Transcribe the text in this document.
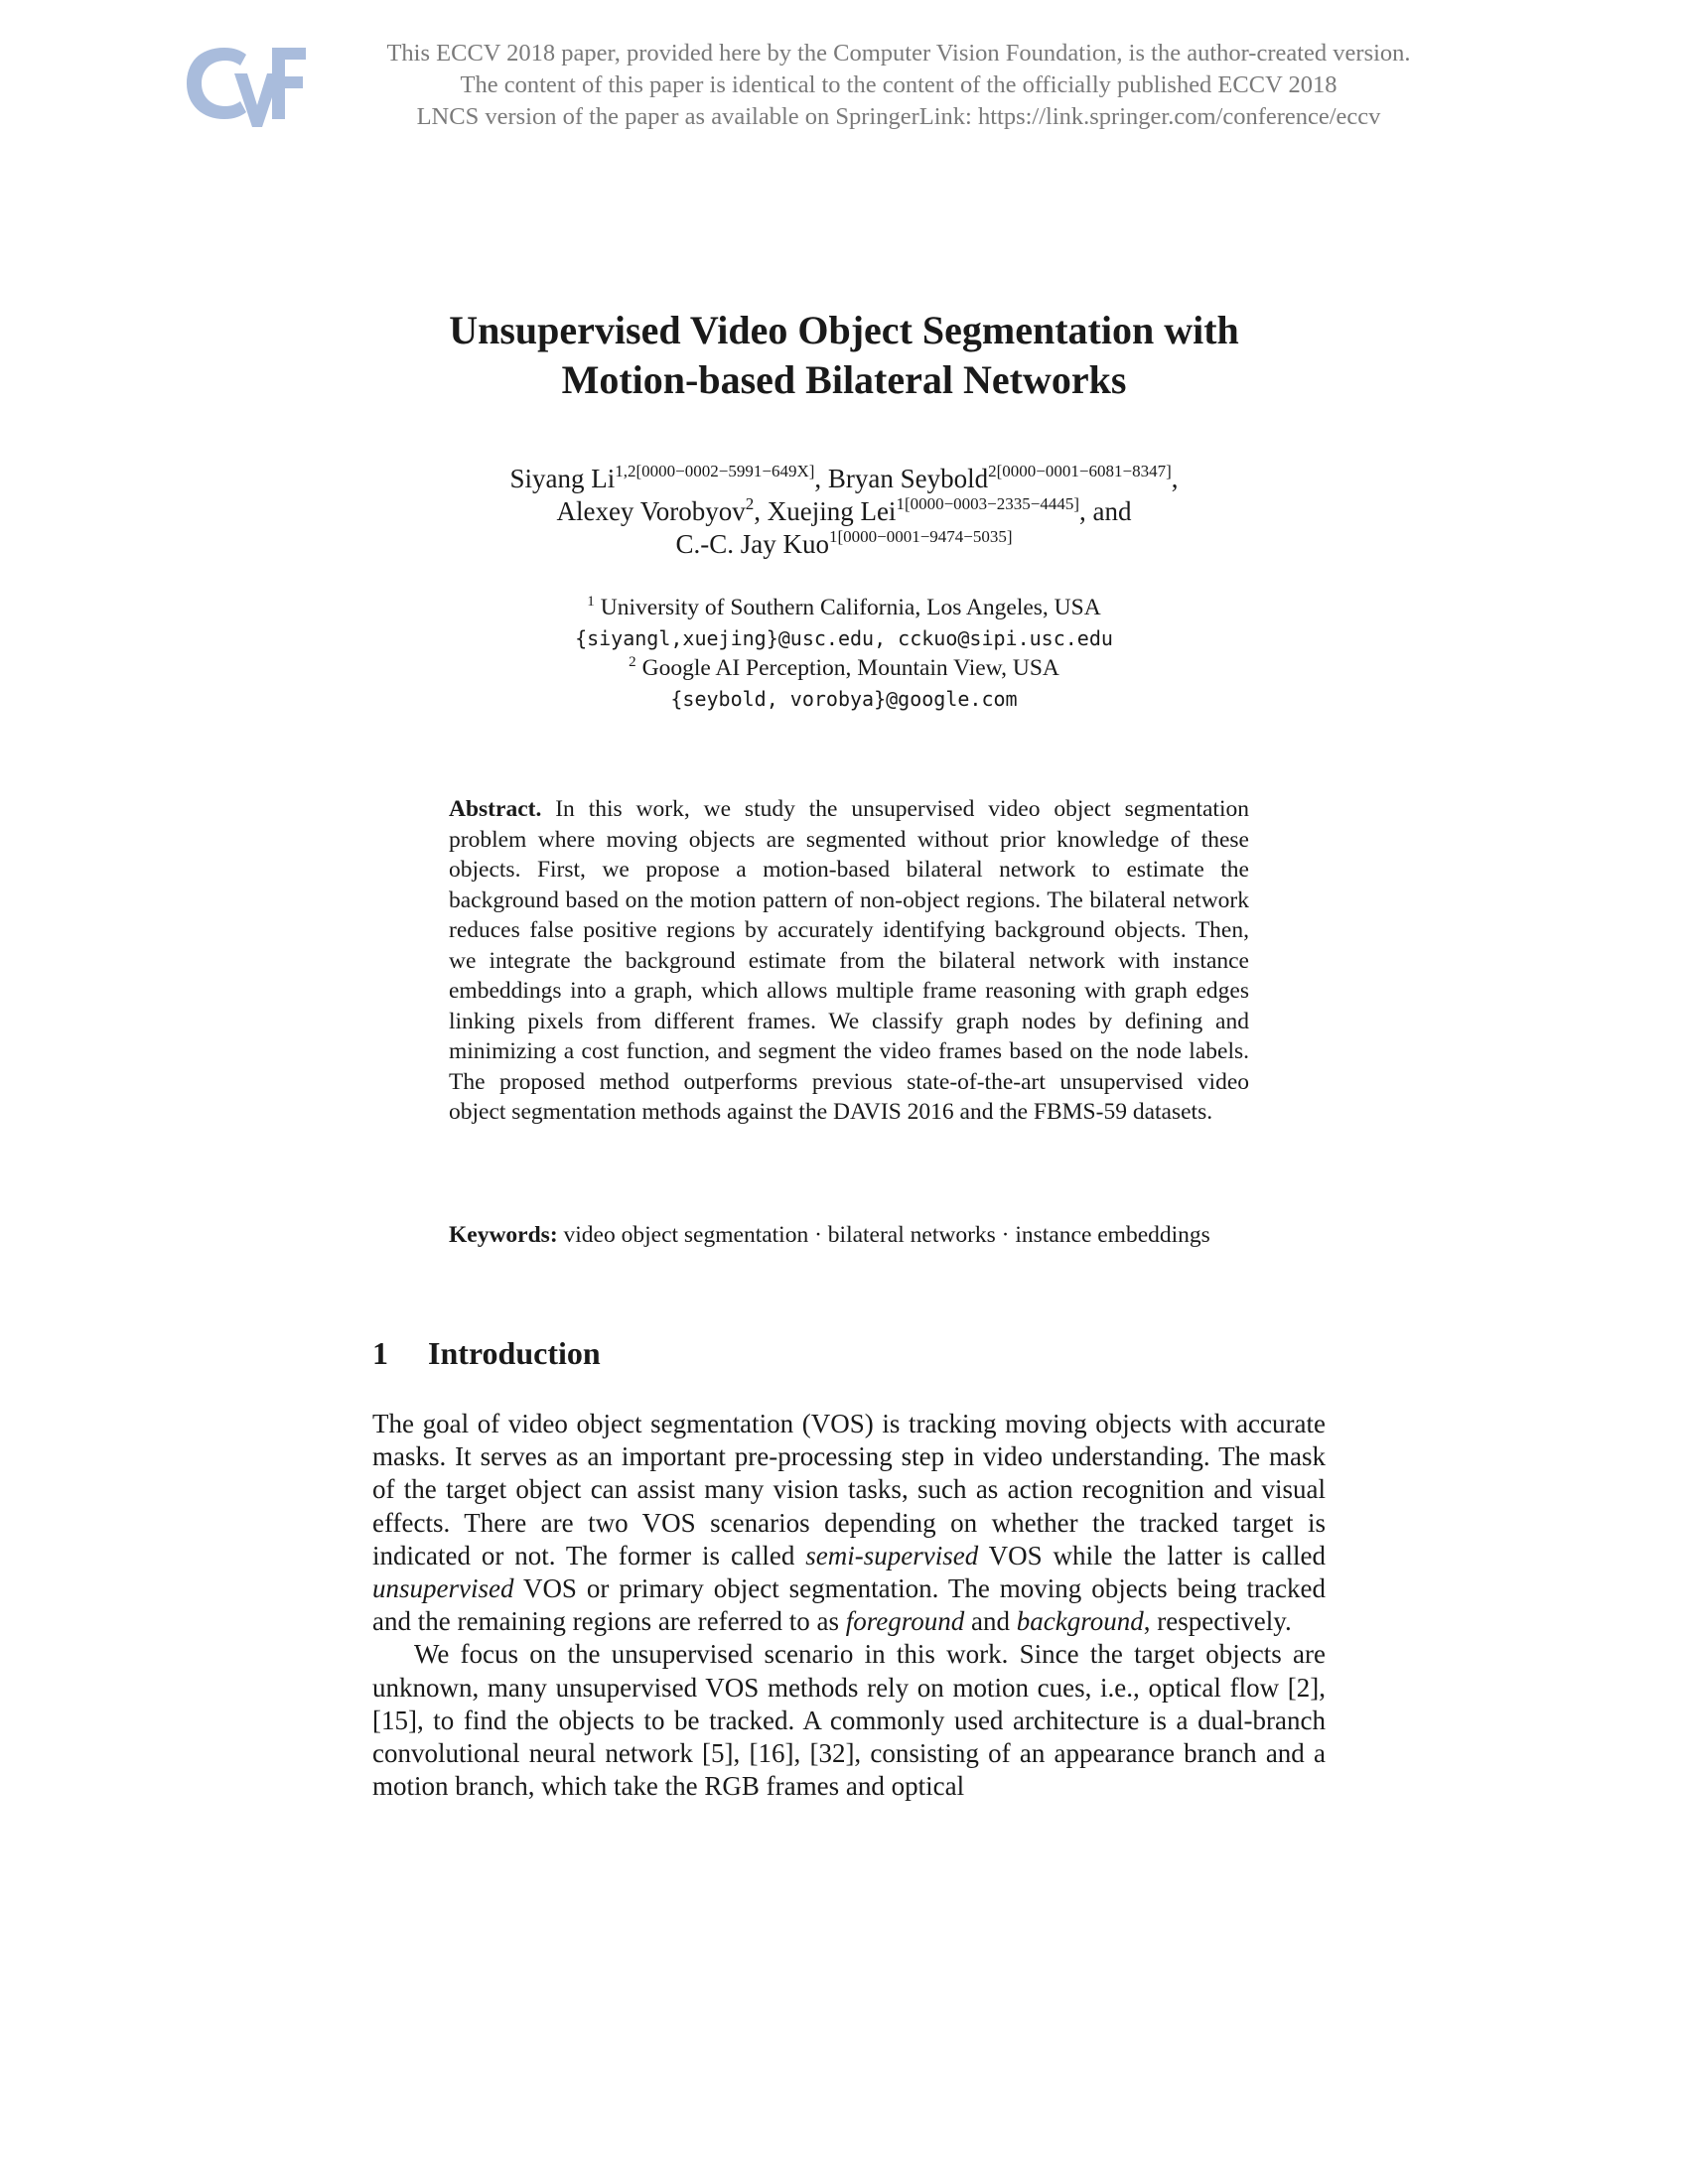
This ECCV 2018 paper, provided here by the Computer Vision Foundation, is the author-created version.
The content of this paper is identical to the content of the officially published ECCV 2018
LNCS version of the paper as available on SpringerLink: https://link.springer.com/conference/eccv
Unsupervised Video Object Segmentation with
Motion-based Bilateral Networks
Siyang $Li^{1,2[0000-0002-5991-649X]}$, Bryan Seybold$^{2[0000-0001-6081-8347]}$,
Alexey Vorobyov$^2$, Xuejing Lei$^{1[0000-0003-2335-4445]}$, and
C.-C. Jay Kuo$^{1[0000-0001-9474-5035]}$
$^1$ University of Southern California, Los Angeles, USA
{siyangl,xuejing}@usc.edu, cckuo@sipi.usc.edu
$^2$ Google AI Perception, Mountain View, USA
{seybold, vorobya}@google.com
Abstract. In this work, we study the unsupervised video object segmentation problem where moving objects are segmented without prior knowledge of these objects. First, we propose a motion-based bilateral network to estimate the background based on the motion pattern of non-object regions. The bilateral network reduces false positive regions by accurately identifying background objects. Then, we integrate the background estimate from the bilateral network with instance embeddings into a graph, which allows multiple frame reasoning with graph edges linking pixels from different frames. We classify graph nodes by defining and minimizing a cost function, and segment the video frames based on the node labels. The proposed method outperforms previous state-of-the-art unsupervised video object segmentation methods against the DAVIS 2016 and the FBMS-59 datasets.
Keywords: video object segmentation · bilateral networks · instance embeddings
1 Introduction

The goal of video object segmentation (VOS) is tracking moving objects with accurate masks. It serves as an important pre-processing step in video understanding. The mask of the target object can assist many vision tasks, such as action recognition and visual effects. There are two VOS scenarios depending on whether the tracked target is indicated or not. The former is called semi-supervised VOS while the latter is called unsupervised VOS or primary object segmentation. The moving objects being tracked and the remaining regions are referred to as foreground and background, respectively.

We focus on the unsupervised scenario in this work. Since the target objects are unknown, many unsupervised VOS methods rely on motion cues, i.e., optical flow [2], [15], to find the objects to be tracked. A commonly used architecture is a dual-branch convolutional neural network [5], [16], [32], consisting of an appearance branch and a motion branch, which take the RGB frames and optical
